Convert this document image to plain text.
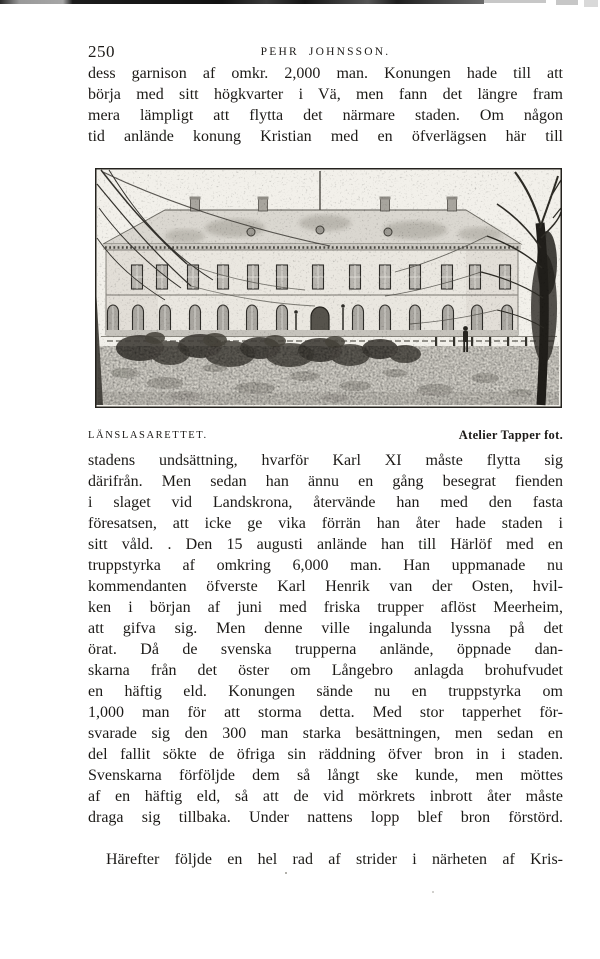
250	PEHR JOHNSSON.
dess garnison af omkr. 2,000 man. Konungen hade till att
börja med sitt högkvarter i Vä, men fann det längre fram
mera lämpligt att flytta det närmare staden. Om någon
tid anlände konung Kristian med en öfverlägsen här till
LÄNSLASARETTET.	Atelier Tapper fot.
stadens undsättning, hvarför Karl XI måste flytta sig
därifrån. Men sedan han ännu en gång besegrat fienden
i slaget vid Landskrona, återvände han med den fasta
föresatsen, att icke ge vika förrän han åter hade staden i
sitt våld. . Den 15 augusti anlände han till Härlöf med en
truppstyrka af omkring 6,000 man. Han uppmanade nu
kommendanten öfverste Karl Henrik van der Osten, hvil-
ken i början af juni med friska trupper aflöst Meerheim,
att gifva sig. Men denne ville ingalunda lyssna på det
örat. Då de svenska trupperna anlände, öppnade dan-
skarna från det öster om Långebro anlagda brohufvudet
en häftig eld. Konungen sände nu en truppstyrka om
1,000 man för att storma detta. Med stor tapperhet för-
svarade sig den 300 man starka besättningen, men sedan en
del fallit sökte de öfriga sin räddning öfver bron in i staden.
Svenskarna förföljde dem så långt ske kunde, men möttes
af en häftig eld, så att de vid mörkrets inbrott åter måste
draga sig tillbaka. Under nattens lopp blef bron förstörd.
Härefter följde en hel rad af strider i närheten af Kris-
